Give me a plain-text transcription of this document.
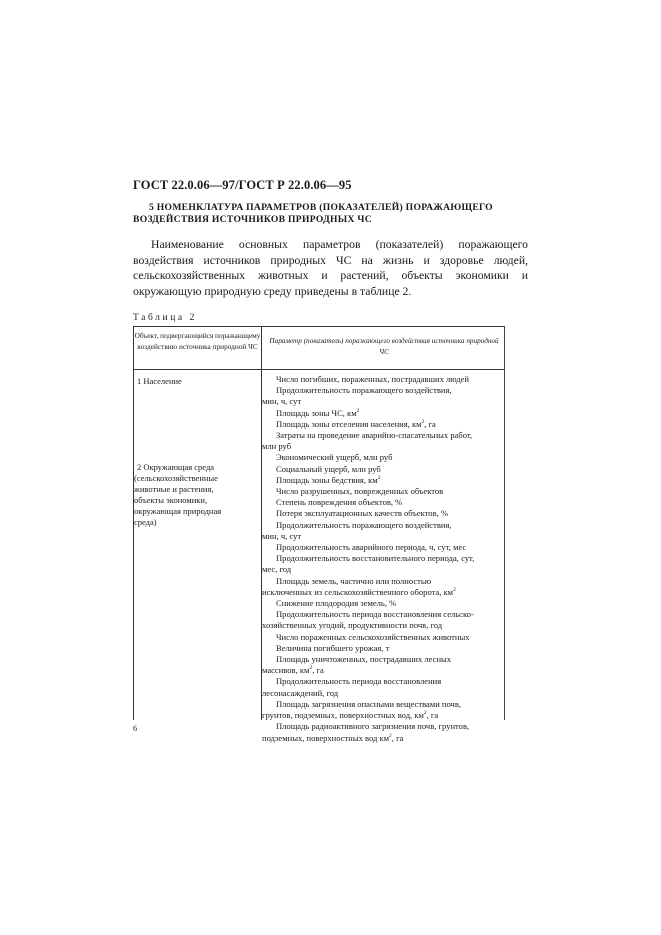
ГОСТ 22.0.06—97/ГОСТ Р 22.0.06—95
5 НОМЕНКЛАТУРА ПАРАМЕТРОВ (ПОКАЗАТЕЛЕЙ) ПОРАЖАЮЩЕГО
ВОЗДЕЙСТВИЯ ИСТОЧНИКОВ ПРИРОДНЫХ ЧС
Наименование основных параметров (показателей) поражающего
воздействия источников природных ЧС на жизнь и здоровье людей,
сельскохозяйственных животных и растений, объекты экономики и
окружающую природную среду приведены в таблице 2.
Таблица 2
Объект, подвергающийся поражающему воздействию источника природной ЧС
Параметр (показатель) поражающего воздействия источника природной ЧС
1 Население
2 Окружающая среда
(сельскохозяйственные
животные и растения,
объекты экономики,
окружающая природная
среда)
Число погибших, пораженных, пострадавших людей
Продолжительность поражающего воздействия,
мин, ч, сут
Площадь зоны ЧС, $км^2$
Площадь зоны отселения населения, $км^2$, га
Затраты на проведение аварийно-спасательных работ,
млн руб
Экономический ущерб, млн руб
Социальный ущерб, млн руб
Площадь зоны бедствия, $км^2$
Число разрушенных, поврежденных объектов
Степень повреждения объектов, %
Потеря эксплуатационных качеств объектов, %
Продолжительность поражающего воздействия,
мин, ч, сут
Продолжительность аварийного периода, ч, сут, мес
Продолжительность восстановительного периода, сут,
мес, год
Площадь земель, частично или полностью
исключенных из сельскохозяйственного оборота, $км^2$
Снижение плодородия земель, %
Продолжительность периода восстановления сельско-
хозяйственных угодий, продуктивности почв, год
Число пораженных сельскохозяйственных животных
Величина погибшего урожая, т
Площадь уничтоженных, пострадавших лесных
массивов, $км^2$, га
Продолжительность периода восстановления
лесонасаждений, год
Площадь загрязнения опасными веществами почв,
грунтов, подземных, поверхностных вод, $км^2$, га
Площадь радиоактивного загрязнения почв, грунтов,
подземных, поверхностных вод $км^2$, га
6
